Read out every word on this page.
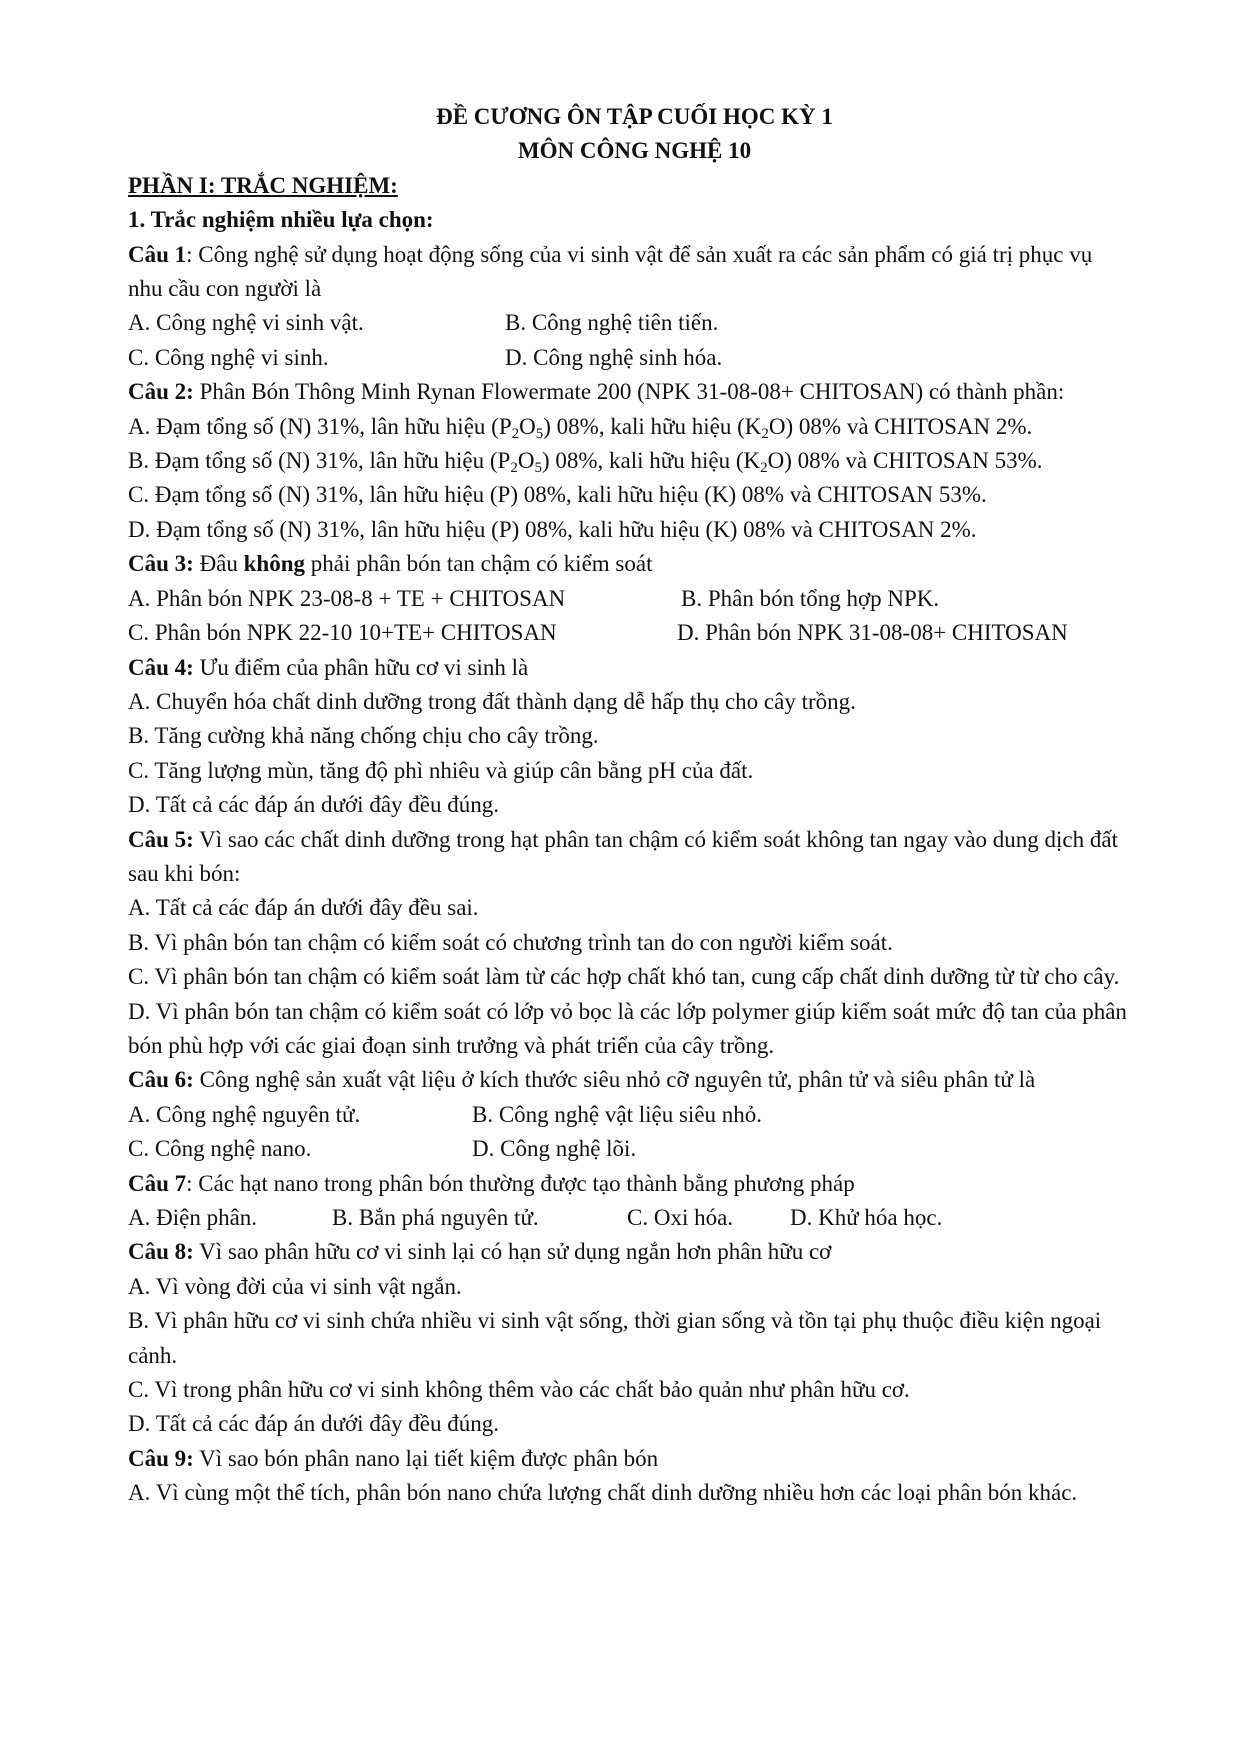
ĐỀ CƯƠNG ÔN TẬP CUỐI HỌC KỲ 1

MÔN CÔNG NGHỆ 10

PHẦN I: TRẮC NGHIỆM:

1. Trắc nghiệm nhiều lựa chọn:

Câu 1: Công nghệ sử dụng hoạt động sống của vi sinh vật để sản xuất ra các sản phẩm có giá trị phục vụ nhu cầu con người là

A. Công nghệ vi sinh vật.	B. Công nghệ tiên tiến.
C. Công nghệ vi sinh.	D. Công nghệ sinh hóa.

Câu 2: Phân Bón Thông Minh Rynan Flowermate 200 (NPK 31-08-08+ CHITOSAN) có thành phần:

A. Đạm tổng số (N) 31%, lân hữu hiệu $(P_2O_5)$ 08%, kali hữu hiệu $(K_2O)$ 08% và CHITOSAN 2%.

B. Đạm tổng số (N) 31%, lân hữu hiệu $(P_2O_5)$ 08%, kali hữu hiệu $(K_2O)$ 08% và CHITOSAN 53%.

C. Đạm tổng số (N) 31%, lân hữu hiệu (P) 08%, kali hữu hiệu (K) 08% và CHITOSAN 53%.

D. Đạm tổng số (N) 31%, lân hữu hiệu (P) 08%, kali hữu hiệu (K) 08% và CHITOSAN 2%.

Câu 3: Đâu không phải phân bón tan chậm có kiểm soát

A. Phân bón NPK 23-08-8 + TE + CHITOSAN	B. Phân bón tổng hợp NPK.
C. Phân bón NPK 22-10 10+TE+ CHITOSAN	D. Phân bón NPK 31-08-08+ CHITOSAN

Câu 4: Ưu điểm của phân hữu cơ vi sinh là

A. Chuyển hóa chất dinh dưỡng trong đất thành dạng dễ hấp thụ cho cây trồng.

B. Tăng cường khả năng chống chịu cho cây trồng.

C. Tăng lượng mùn, tăng độ phì nhiêu và giúp cân bằng pH của đất.

D. Tất cả các đáp án dưới đây đều đúng.

Câu 5: Vì sao các chất dinh dưỡng trong hạt phân tan chậm có kiểm soát không tan ngay vào dung dịch đất sau khi bón:

A. Tất cả các đáp án dưới đây đều sai.

B. Vì phân bón tan chậm có kiểm soát có chương trình tan do con người kiểm soát.

C. Vì phân bón tan chậm có kiểm soát làm từ các hợp chất khó tan, cung cấp chất dinh dưỡng từ từ cho cây.

D. Vì phân bón tan chậm có kiểm soát có lớp vỏ bọc là các lớp polymer giúp kiểm soát mức độ tan của phân bón phù hợp với các giai đoạn sinh trưởng và phát triển của cây trồng.

Câu 6: Công nghệ sản xuất vật liệu ở kích thước siêu nhỏ cỡ nguyên tử, phân tử và siêu phân tử là

A. Công nghệ nguyên tử.	B. Công nghệ vật liệu siêu nhỏ.
C. Công nghệ nano.	D. Công nghệ lõi.

Câu 7: Các hạt nano trong phân bón thường được tạo thành bằng phương pháp

A. Điện phân.	B. Bắn phá nguyên tử.	C. Oxi hóa.	D. Khử hóa học.

Câu 8: Vì sao phân hữu cơ vi sinh lại có hạn sử dụng ngắn hơn phân hữu cơ

A. Vì vòng đời của vi sinh vật ngắn.

B. Vì phân hữu cơ vi sinh chứa nhiều vi sinh vật sống, thời gian sống và tồn tại phụ thuộc điều kiện ngoại cảnh.

C. Vì trong phân hữu cơ vi sinh không thêm vào các chất bảo quản như phân hữu cơ.

D. Tất cả các đáp án dưới đây đều đúng.

Câu 9: Vì sao bón phân nano lại tiết kiệm được phân bón

A. Vì cùng một thể tích, phân bón nano chứa lượng chất dinh dưỡng nhiều hơn các loại phân bón khác.
